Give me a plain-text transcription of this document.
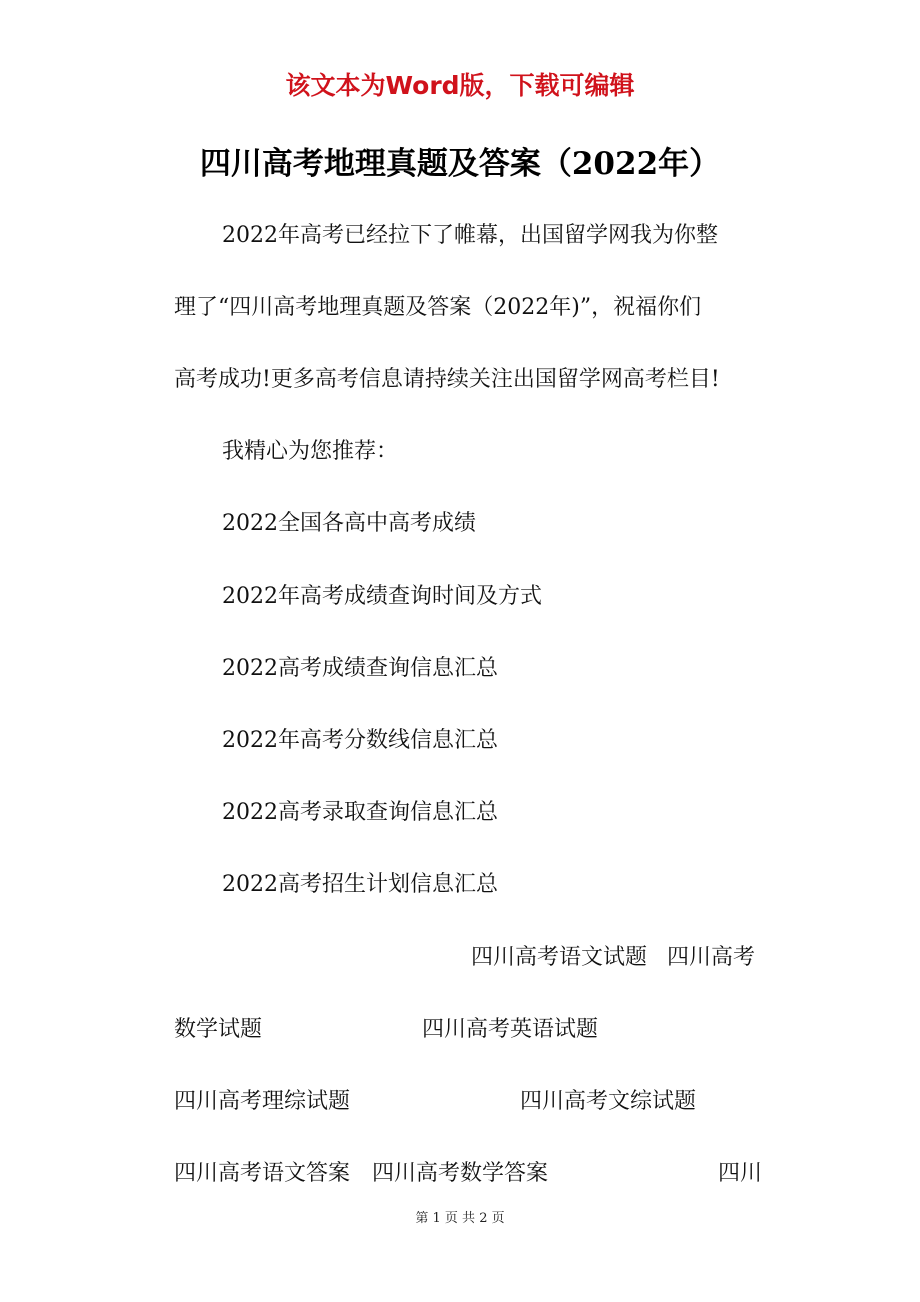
该文本为Word版，下载可编辑
四川高考地理真题及答案（2022年）
2022年高考已经拉下了帷幕，出国留学网我为你整
理了“四川高考地理真题及答案（2022年)”，祝福你们
高考成功!更多高考信息请持续关注出国留学网高考栏目!
我精心为您推荐：
2022全国各高中高考成绩
2022年高考成绩查询时间及方式
2022高考成绩查询信息汇总
2022年高考分数线信息汇总
2022高考录取查询信息汇总
2022高考招生计划信息汇总
四川高考语文试题 四川高考
数学试题	四川高考英语试题
四川高考理综试题	四川高考文综试题
四川高考语文答案 四川高考数学答案	四川
第 1 页 共 2 页
